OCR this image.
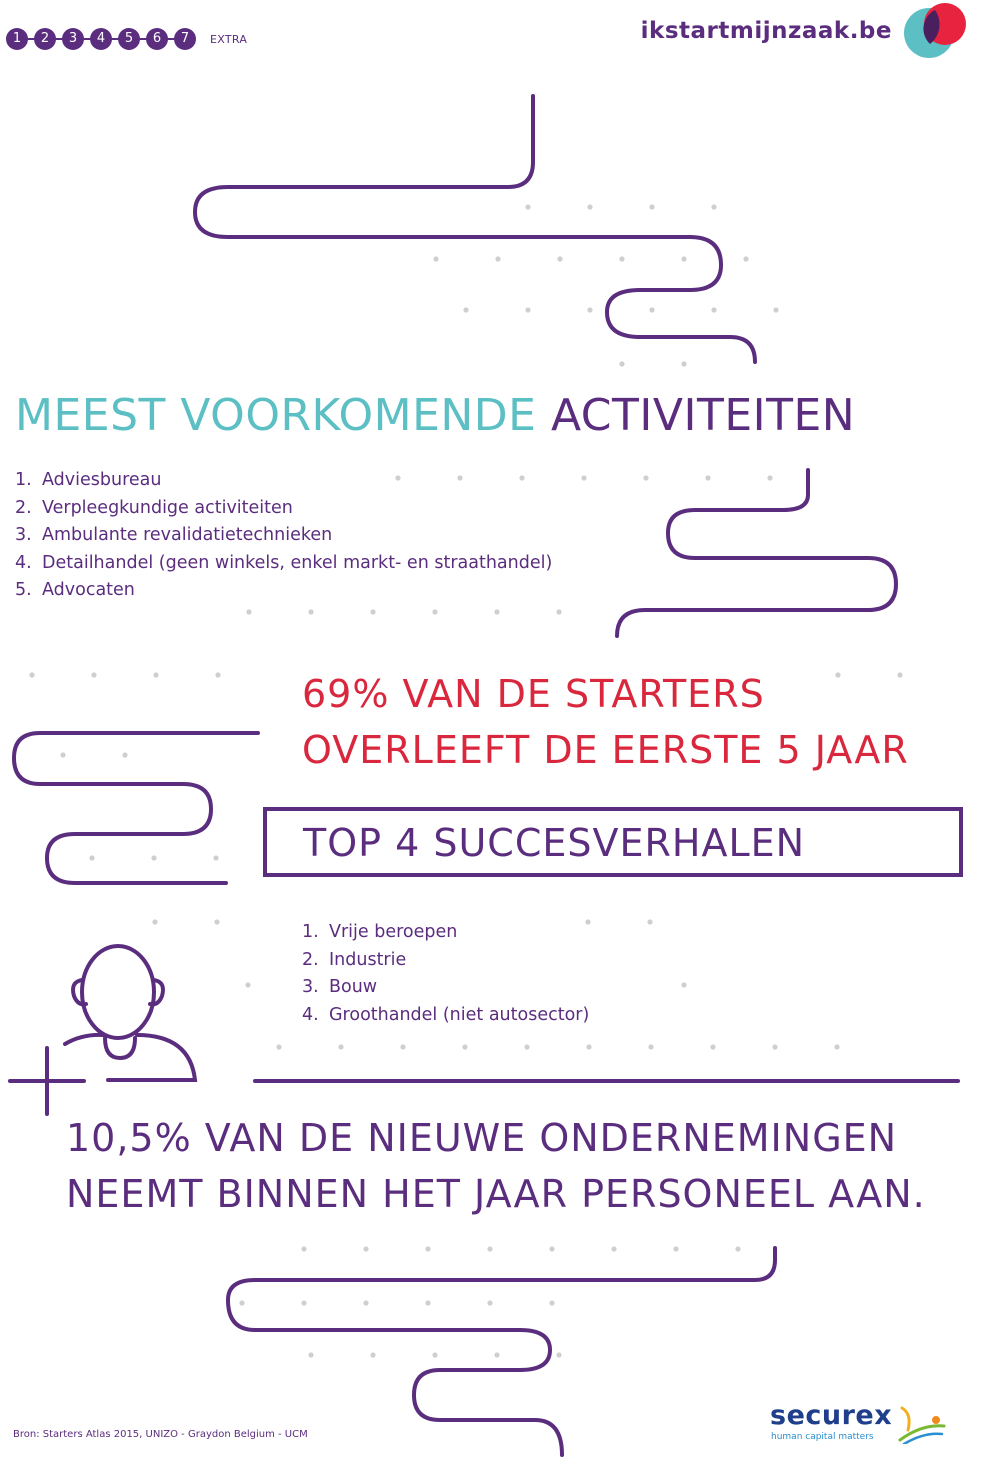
1	2	3	4	5	6	7	EXTRA	ikstartmijnzaak.be
MEEST VOORKOMENDE ACTIVITEITEN
1. Adviesbureau
2. Verpleegkundige activiteiten
3. Ambulante revalidatietechnieken
4. Detailhandel (geen winkels, enkel markt- en straathandel)
5. Advocaten
69% VAN DE STARTERS
OVERLEEFT DE EERSTE 5 JAAR
TOP 4 SUCCESVERHALEN
1. Vrije beroepen
2. Industrie
3. Bouw
4. Groothandel (niet autosector)
10,5% VAN DE NIEUWE ONDERNEMINGEN
NEEMT BINNEN HET JAAR PERSONEEL AAN.
Bron: Starters Atlas 2015, UNIZO - Graydon Belgium - UCM
securex
human capital matters
